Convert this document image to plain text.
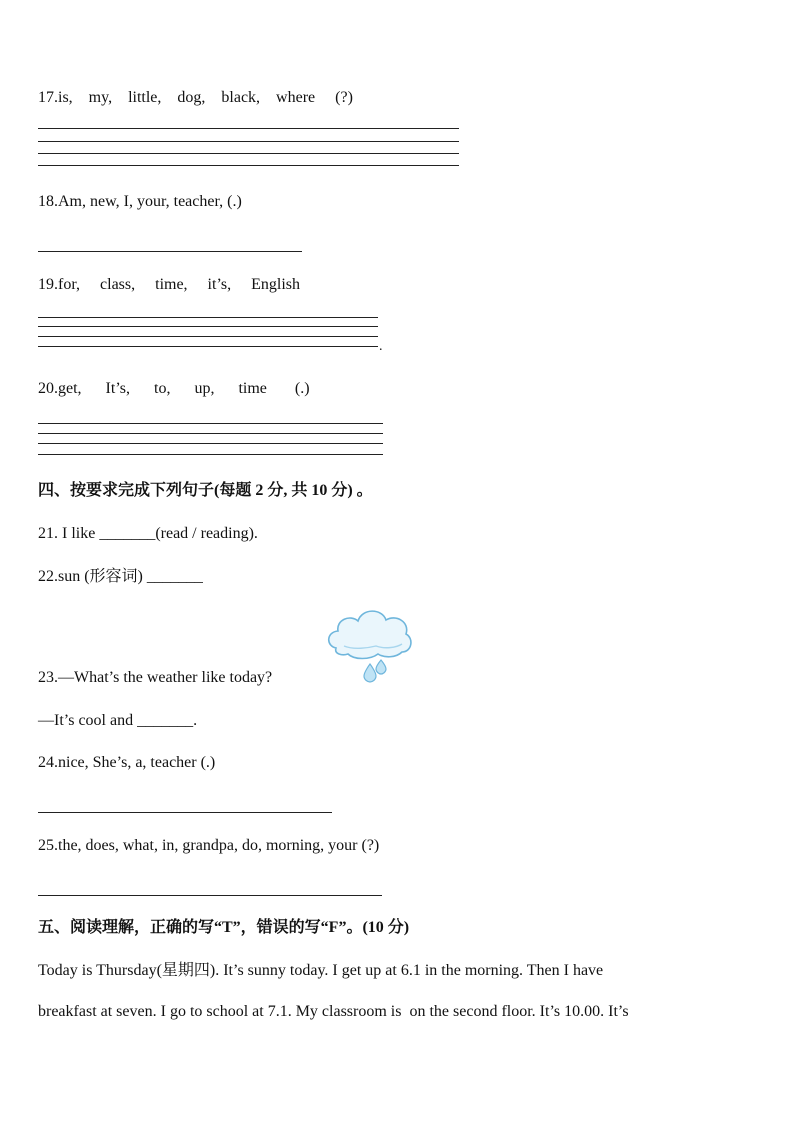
17.is,    my,    little,    dog,    black,    where     (?)
18.Am, new, I, your, teacher, (.)
19.for,     class,     time,     it’s,     English
.
20.get,      It’s,      to,      up,      time       (.)
四、按要求完成下列句子(每题 2 分, 共 10 分) 。
21. I like _______(read / reading).
22.sun (形容词) _______
23.—What’s the weather like today?
—It’s cool and _______.
24.nice, She’s, a, teacher (.)
25.the, does, what, in, grandpa, do, morning, your (?)
五、阅读理解，正确的写“T”，错误的写“F”。(10 分)
Today is Thursday(星期四). It’s sunny today. I get up at 6.1 in the morning. Then I have
breakfast at seven. I go to school at 7.1. My classroom is  on the second floor. It’s 10.00. It’s
